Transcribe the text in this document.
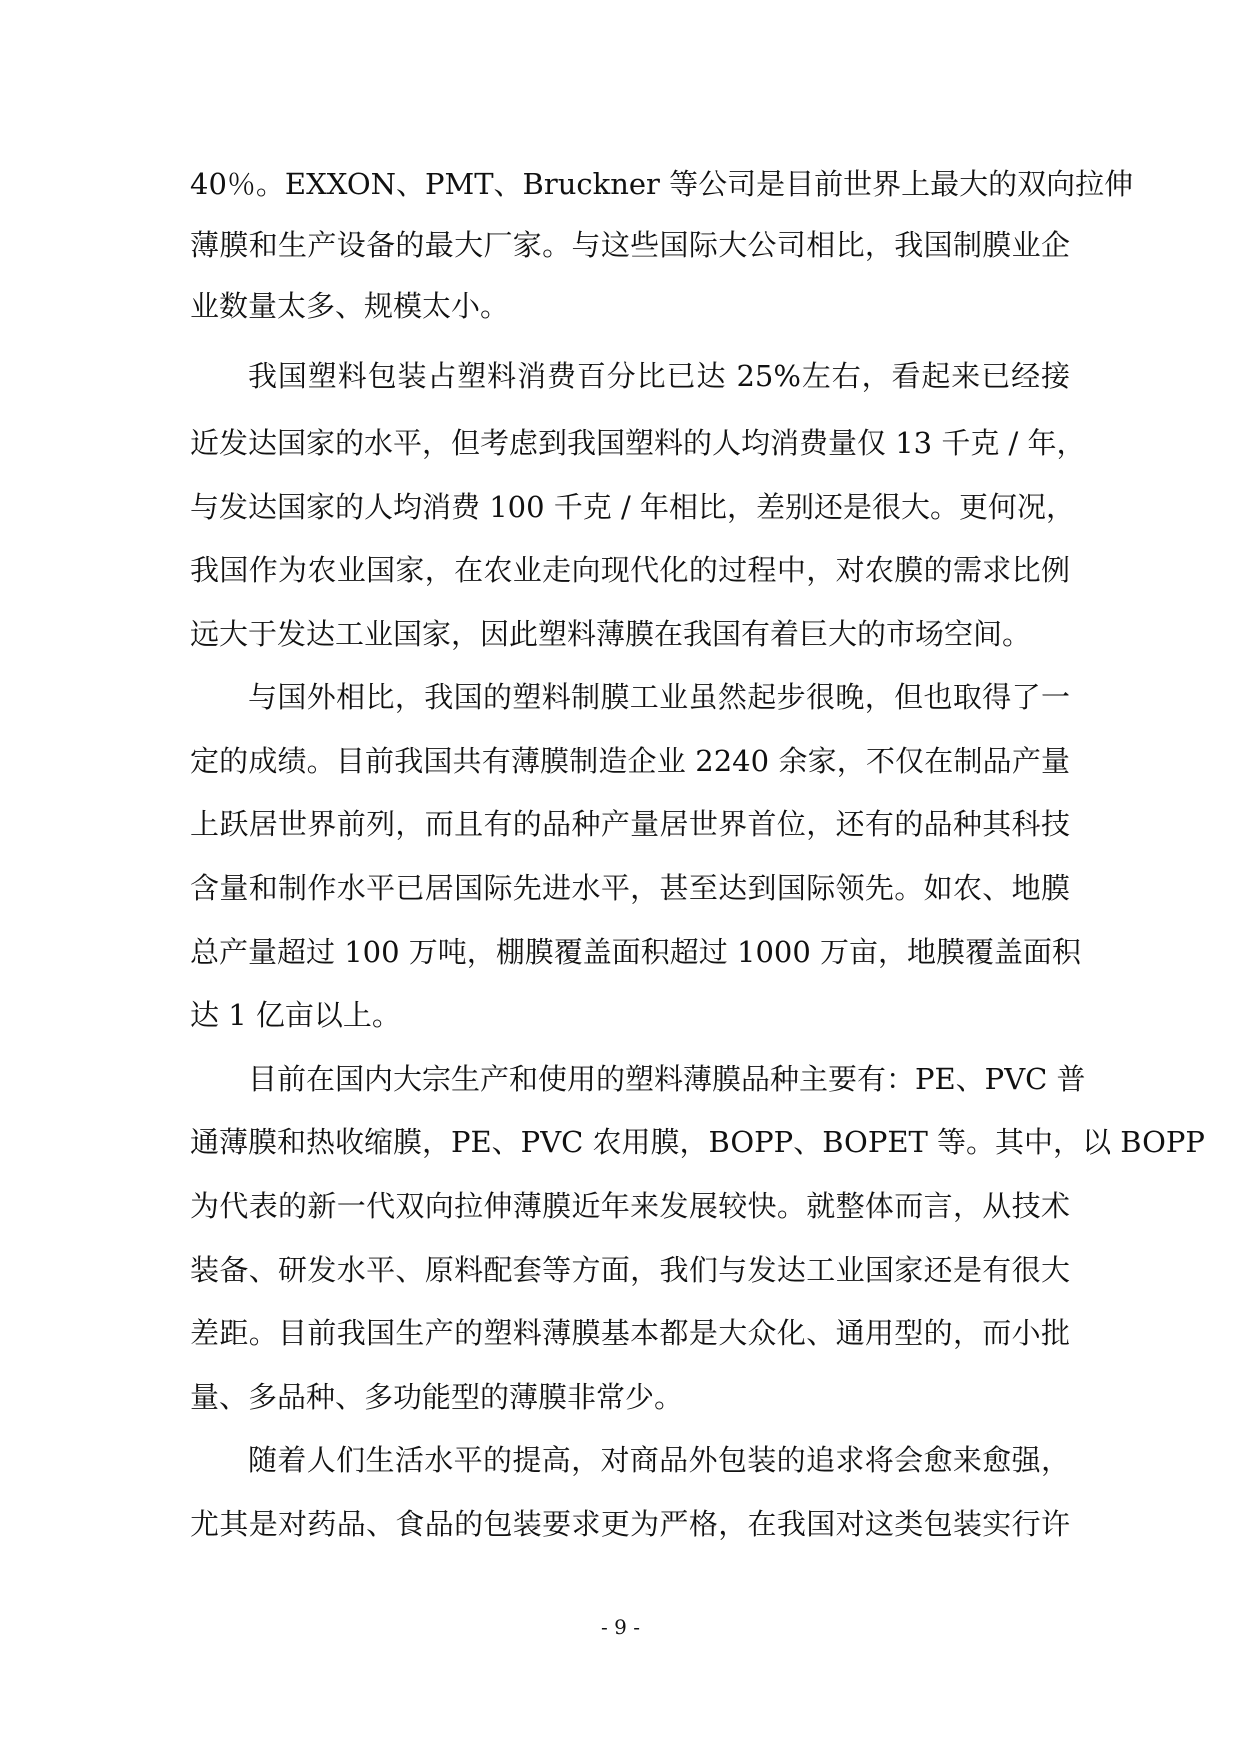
40％。EXXON、PMT、Bruckner 等公司是目前世界上最大的双向拉伸
薄膜和生产设备的最大厂家。与这些国际大公司相比，我国制膜业企
业数量太多、规模太小。
我国塑料包装占塑料消费百分比已达 25%左右，看起来已经接
近发达国家的水平，但考虑到我国塑料的人均消费量仅 13 千克 / 年，
与发达国家的人均消费 100 千克 / 年相比，差别还是很大。更何况，
我国作为农业国家，在农业走向现代化的过程中，对农膜的需求比例
远大于发达工业国家，因此塑料薄膜在我国有着巨大的市场空间。
与国外相比，我国的塑料制膜工业虽然起步很晚，但也取得了一
定的成绩。目前我国共有薄膜制造企业 2240 余家，不仅在制品产量
上跃居世界前列，而且有的品种产量居世界首位，还有的品种其科技
含量和制作水平已居国际先进水平，甚至达到国际领先。如农、地膜
总产量超过 100 万吨，棚膜覆盖面积超过 1000 万亩，地膜覆盖面积
达 1 亿亩以上。
目前在国内大宗生产和使用的塑料薄膜品种主要有：PE、PVC 普
通薄膜和热收缩膜，PE、PVC 农用膜，BOPP、BOPET 等。其中，以 BOPP
为代表的新一代双向拉伸薄膜近年来发展较快。就整体而言，从技术
装备、研发水平、原料配套等方面，我们与发达工业国家还是有很大
差距。目前我国生产的塑料薄膜基本都是大众化、通用型的，而小批
量、多品种、多功能型的薄膜非常少。
随着人们生活水平的提高，对商品外包装的追求将会愈来愈强，
尤其是对药品、食品的包装要求更为严格，在我国对这类包装实行许
- 9 -
